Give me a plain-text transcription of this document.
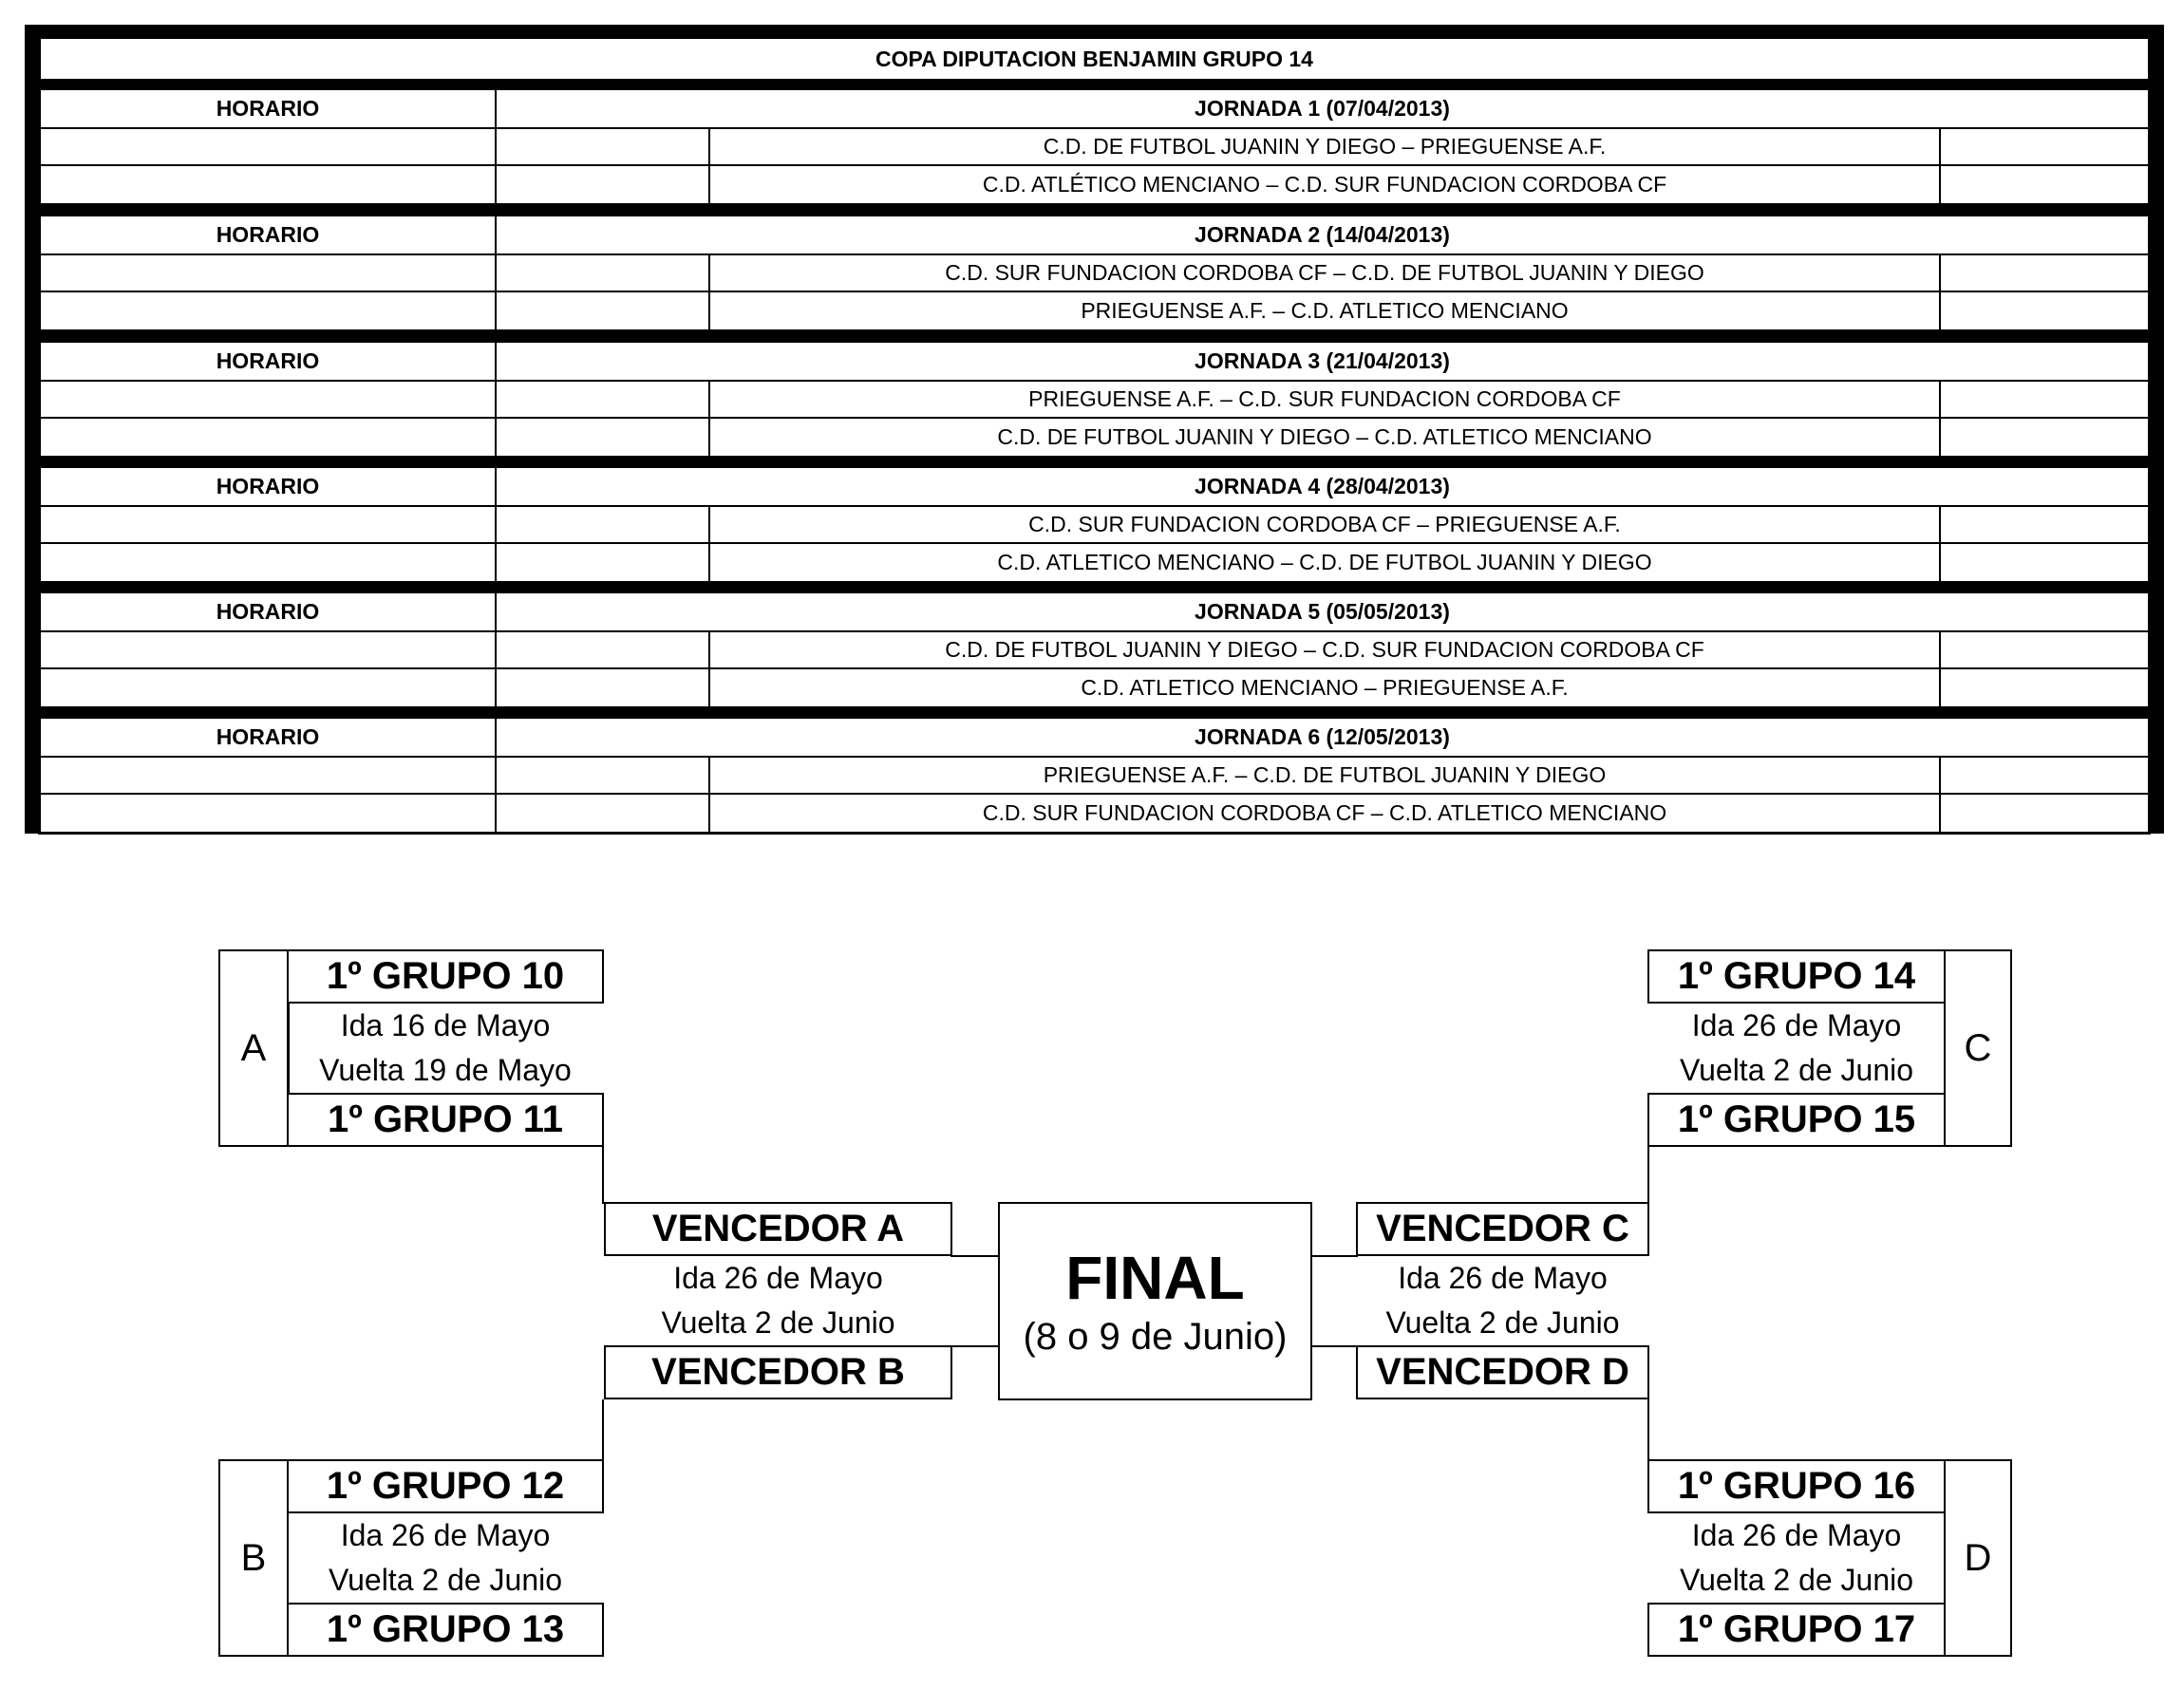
COPA DIPUTACION BENJAMIN GRUPO 14
HORARIO	JORNADA 1 (07/04/2013)
C.D. DE FUTBOL JUANIN Y DIEGO – PRIEGUENSE A.F.
C.D. ATLÉTICO MENCIANO – C.D. SUR FUNDACION CORDOBA CF
HORARIO	JORNADA 2 (14/04/2013)
C.D. SUR FUNDACION CORDOBA CF – C.D. DE FUTBOL JUANIN Y DIEGO
PRIEGUENSE A.F. – C.D. ATLETICO MENCIANO
HORARIO	JORNADA 3 (21/04/2013)
PRIEGUENSE A.F. – C.D. SUR FUNDACION CORDOBA CF
C.D. DE FUTBOL JUANIN Y DIEGO – C.D. ATLETICO MENCIANO
HORARIO	JORNADA 4 (28/04/2013)
C.D. SUR FUNDACION CORDOBA CF – PRIEGUENSE A.F.
C.D. ATLETICO MENCIANO – C.D. DE FUTBOL JUANIN Y DIEGO
HORARIO	JORNADA 5 (05/05/2013)
C.D. DE FUTBOL JUANIN Y DIEGO – C.D. SUR FUNDACION CORDOBA CF
C.D. ATLETICO MENCIANO – PRIEGUENSE A.F.
HORARIO	JORNADA 6 (12/05/2013)
PRIEGUENSE A.F. – C.D. DE FUTBOL JUANIN Y DIEGO
C.D. SUR FUNDACION CORDOBA CF – C.D. ATLETICO MENCIANO
A
1º GRUPO 10
Ida 16 de Mayo
Vuelta 19 de Mayo
1º GRUPO 11
B
1º GRUPO 12
Ida 26 de Mayo
Vuelta 2 de Junio
1º GRUPO 13
1º GRUPO 14
Ida 26 de Mayo
Vuelta 2 de Junio
1º GRUPO 15
C
1º GRUPO 16
Ida 26 de Mayo
Vuelta 2 de Junio
1º GRUPO 17
D
VENCEDOR A
Ida 26 de Mayo
Vuelta 2 de Junio
VENCEDOR B
VENCEDOR C
Ida 26 de Mayo
Vuelta 2 de Junio
VENCEDOR D
FINAL
(8 o 9 de Junio)
